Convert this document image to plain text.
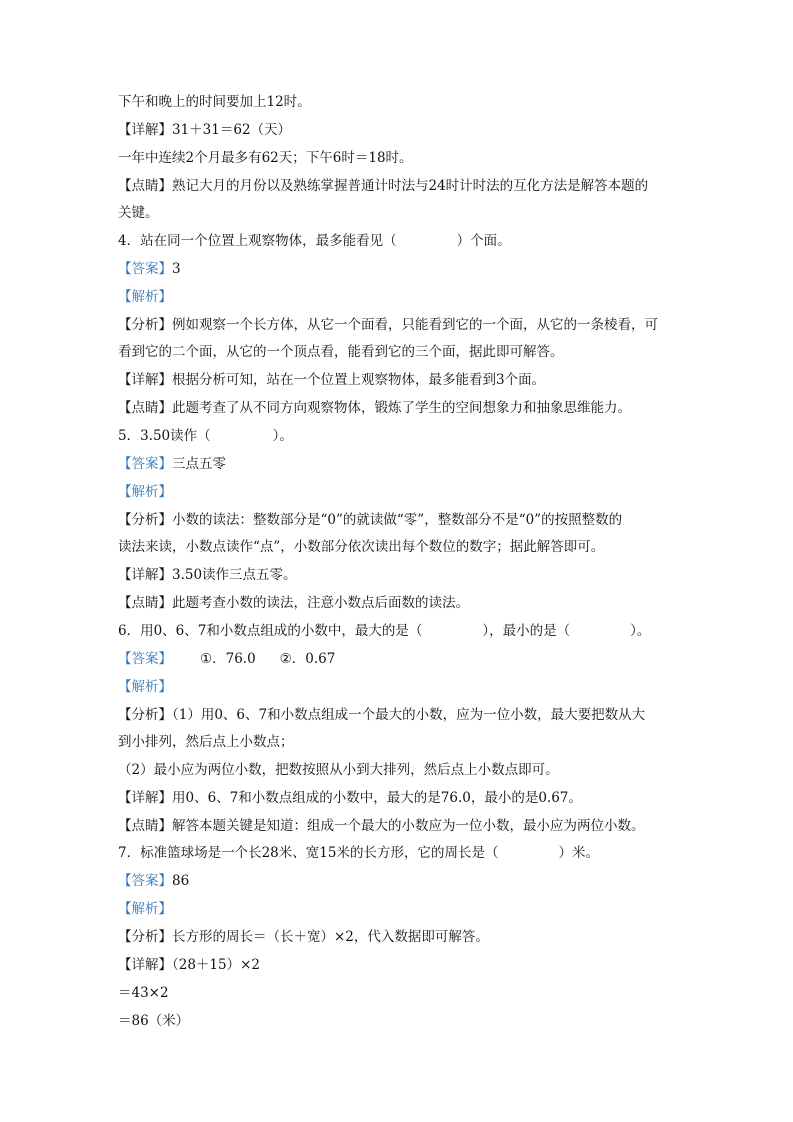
下午和晚上的时间要加上12时。
【详解】31＋31＝62（天）
一年中连续2个月最多有62天；下午6时＝18时。
【点睛】熟记大月的月份以及熟练掌握普通计时法与24时计时法的互化方法是解答本题的
关键。
4．站在同一个位置上观察物体，最多能看见（	）个面。
【答案】3
【解析】
【分析】例如观察一个长方体，从它一个面看，只能看到它的一个面，从它的一条棱看，可
看到它的二个面，从它的一个顶点看，能看到它的三个面，据此即可解答。
【详解】根据分析可知，站在一个位置上观察物体，最多能看到3个面。
【点睛】此题考查了从不同方向观察物体，锻炼了学生的空间想象力和抽象思维能力。
5．3.50读作（	）。
【答案】三点五零
【解析】
【分析】小数的读法：整数部分是“0”的就读做“零”，整数部分不是“0”的按照整数的
读法来读，小数点读作“点”，小数部分依次读出每个数位的数字；据此解答即可。
【详解】3.50读作三点五零。
【点睛】此题考查小数的读法，注意小数点后面数的读法。
6．用0、6、7和小数点组成的小数中，最大的是（	），最小的是（	）。
【答案】 ①．76.0 ②．0.67
【解析】
【分析】（1）用0、6、7和小数点组成一个最大的小数，应为一位小数，最大要把数从大
到小排列，然后点上小数点；
（2）最小应为两位小数，把数按照从小到大排列，然后点上小数点即可。
【详解】用0、6、7和小数点组成的小数中，最大的是76.0，最小的是0.67。
【点睛】解答本题关键是知道：组成一个最大的小数应为一位小数，最小应为两位小数。
7．标准篮球场是一个长28米、宽15米的长方形，它的周长是（	）米。
【答案】86
【解析】
【分析】长方形的周长＝（长＋宽）×2，代入数据即可解答。
【详解】（28＋15）×2
＝43×2
＝86（米）
